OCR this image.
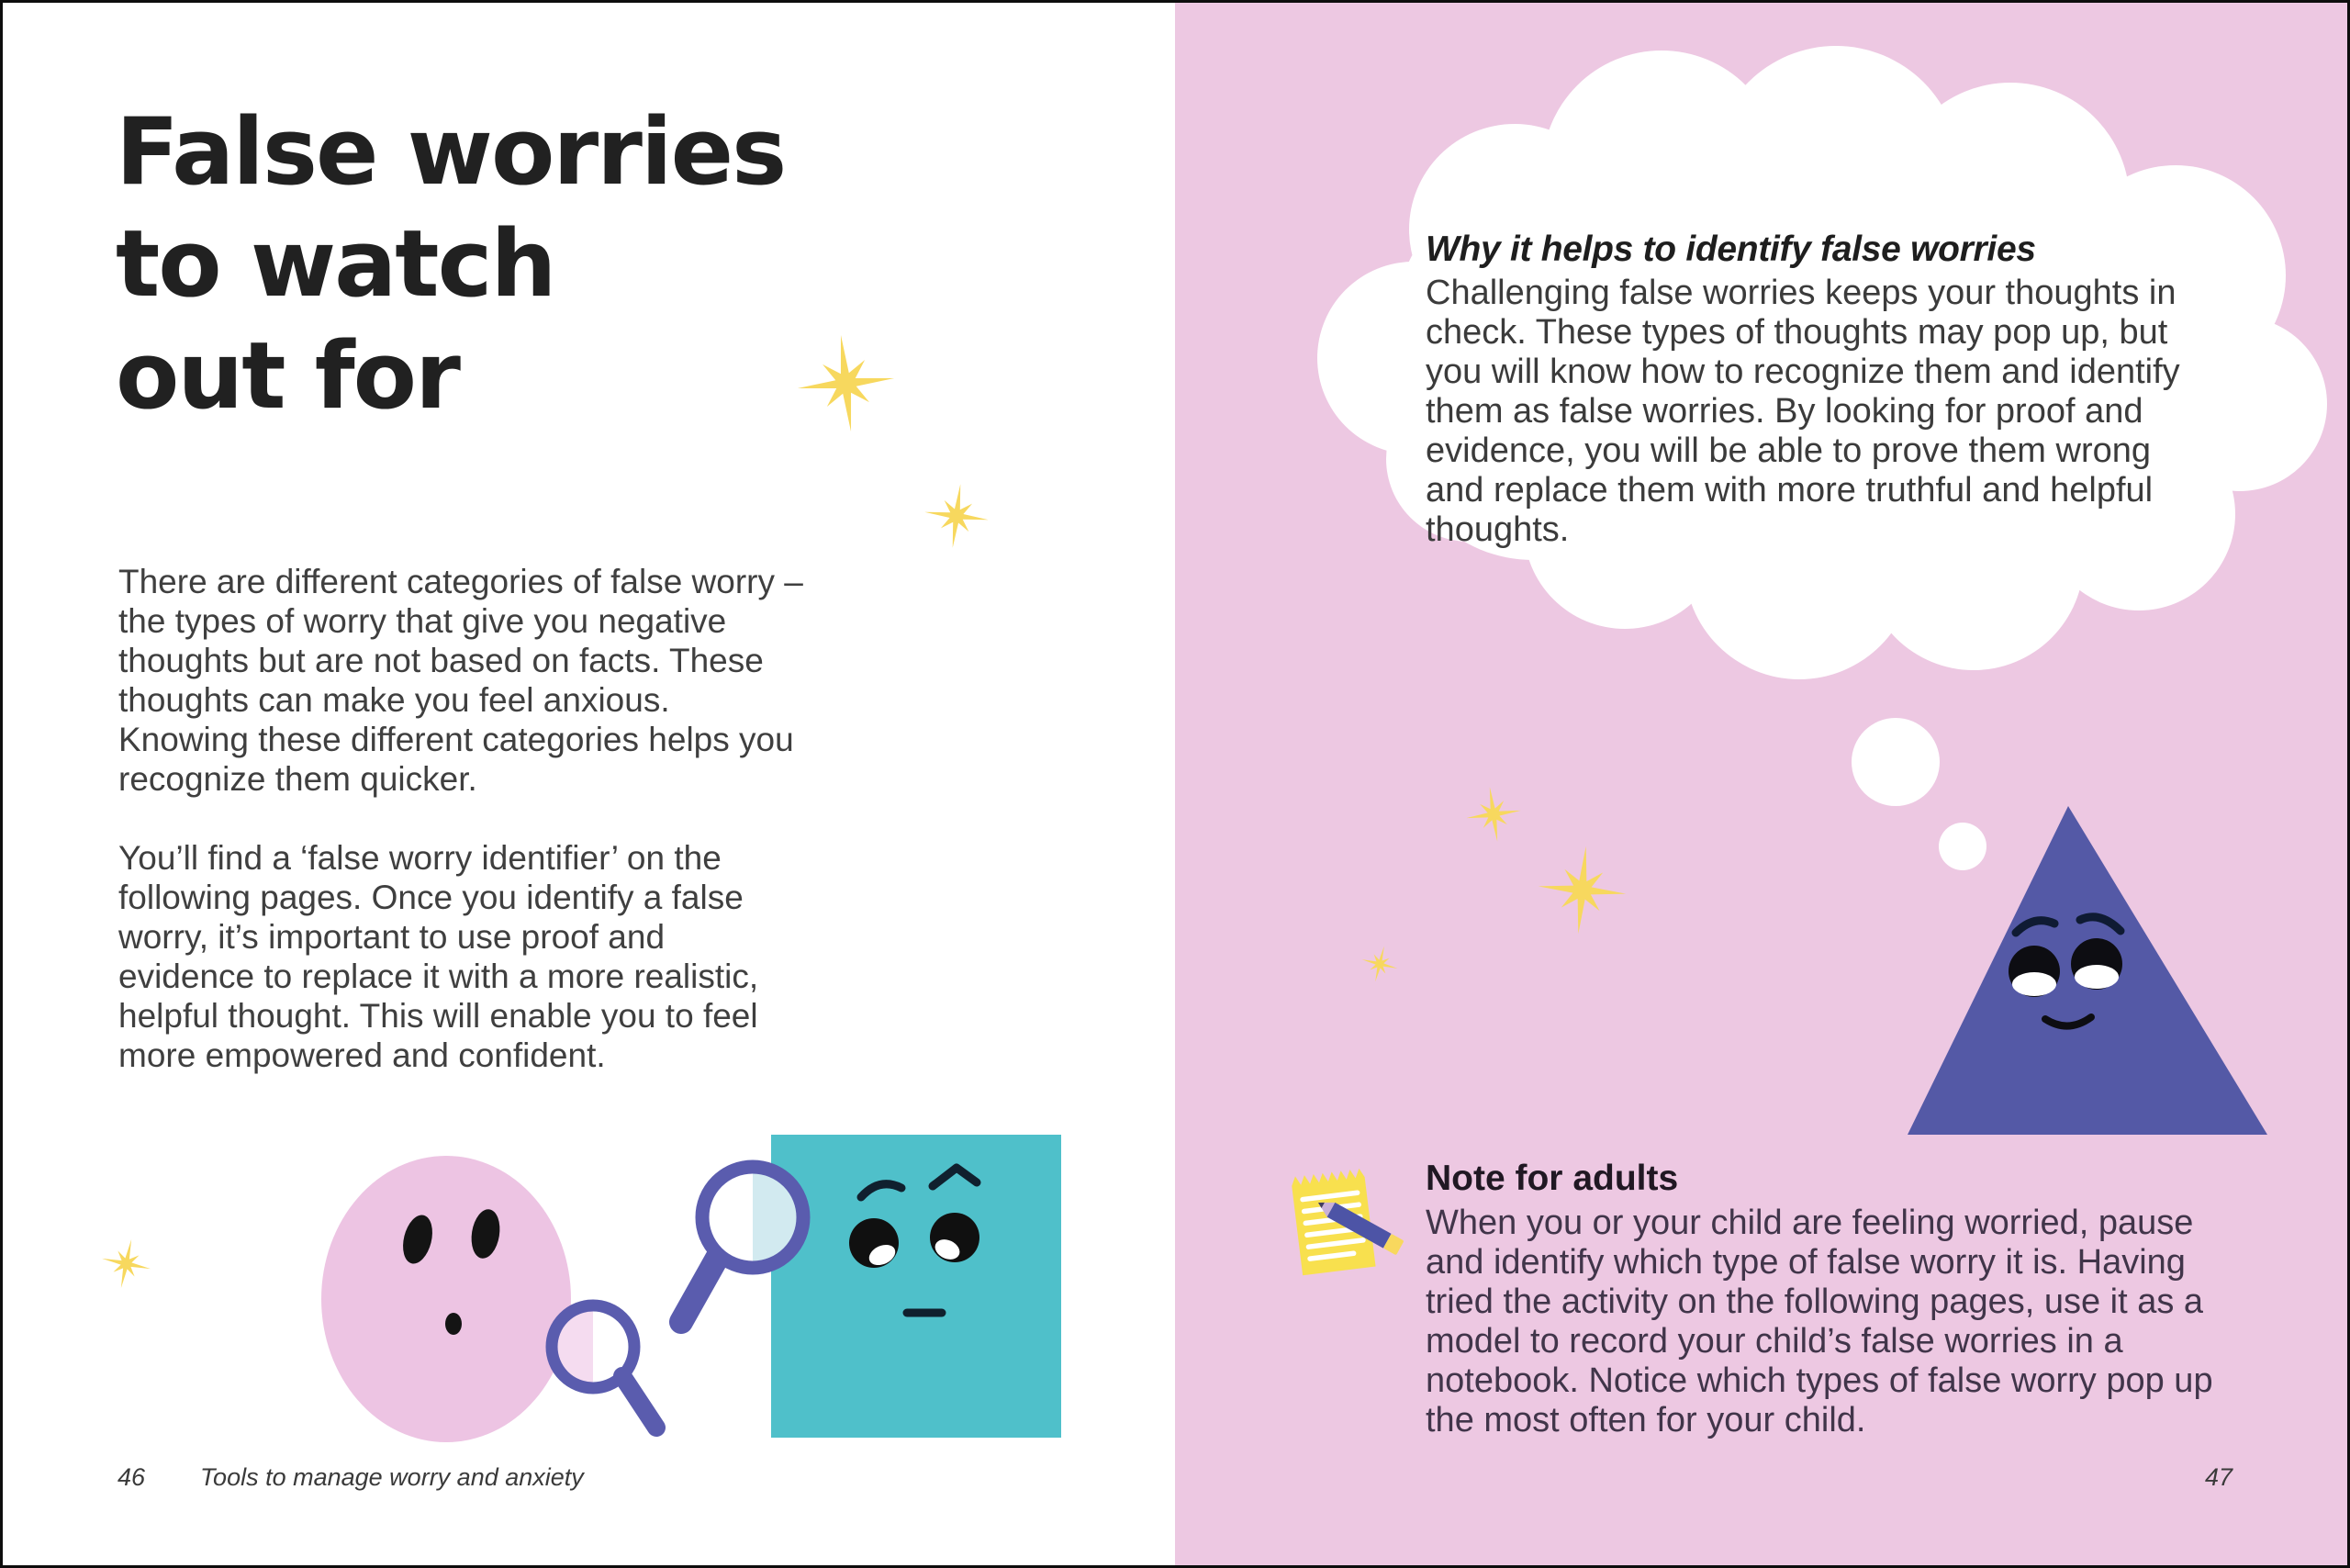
False worries
to watch
out for

There are different categories of false worry – the types of worry that give you negative thoughts but are not based on facts. These thoughts can make you feel anxious. Knowing these different categories helps you recognize them quicker.

You’ll find a ‘false worry identifier’ on the following pages. Once you identify a false worry, it’s important to use proof and evidence to replace it with a more realistic, helpful thought. This will enable you to feel more empowered and confident.

46 Tools to manage worry and anxiety
Why it helps to identify false worries

Challenging false worries keeps your thoughts in check. These types of thoughts may pop up, but you will know how to recognize them and identify them as false worries. By looking for proof and evidence, you will be able to prove them wrong and replace them with more truthful and helpful thoughts.

Note for adults

When you or your child are feeling worried, pause and identify which type of false worry it is. Having tried the activity on the following pages, use it as a model to record your child’s false worries in a notebook. Notice which types of false worry pop up the most often for your child.

47
